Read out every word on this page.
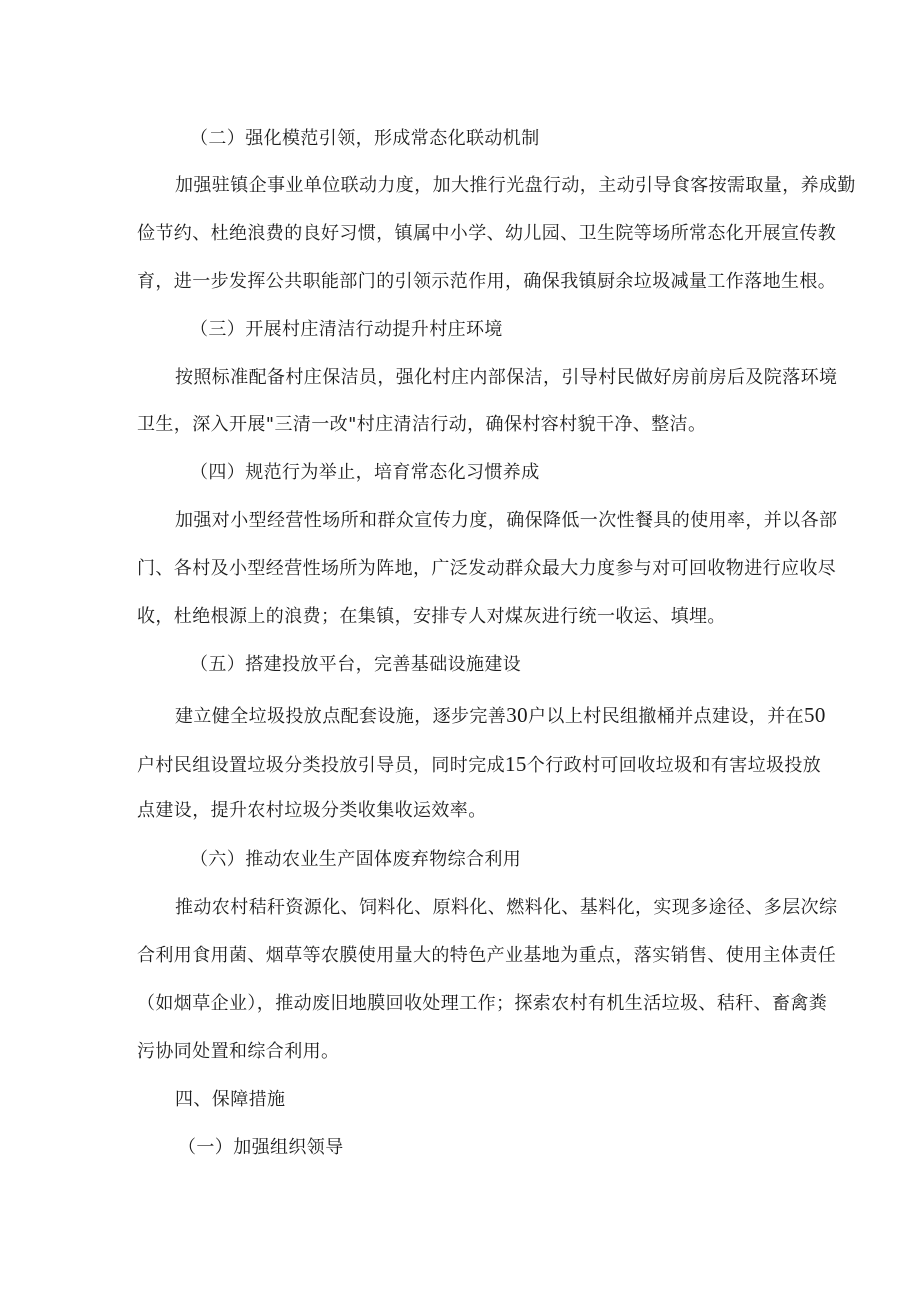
（二）强化模范引领，形成常态化联动机制
加强驻镇企事业单位联动力度，加大推行光盘行动，主动引导食客按需取量，养成勤
俭节约、杜绝浪费的良好习惯，镇属中小学、幼儿园、卫生院等场所常态化开展宣传教
育，进一步发挥公共职能部门的引领示范作用，确保我镇厨余垃圾减量工作落地生根。
（三）开展村庄清洁行动提升村庄环境
按照标准配备村庄保洁员，强化村庄内部保洁，引导村民做好房前房后及院落环境
卫生，深入开展"三清一改"村庄清洁行动，确保村容村貌干净、整洁。
（四）规范行为举止，培育常态化习惯养成
加强对小型经营性场所和群众宣传力度，确保降低一次性餐具的使用率，并以各部
门、各村及小型经营性场所为阵地，广泛发动群众最大力度参与对可回收物进行应收尽
收，杜绝根源上的浪费；在集镇，安排专人对煤灰进行统一收运、填埋。
（五）搭建投放平台，完善基础设施建设
建立健全垃圾投放点配套设施，逐步完善30户以上村民组撤桶并点建设，并在50
户村民组设置垃圾分类投放引导员，同时完成15个行政村可回收垃圾和有害垃圾投放
点建设，提升农村垃圾分类收集收运效率。
（六）推动农业生产固体废弃物综合利用
推动农村秸秆资源化、饲料化、原料化、燃料化、基料化，实现多途径、多层次综
合利用食用菌、烟草等农膜使用量大的特色产业基地为重点，落实销售、使用主体责任
（如烟草企业），推动废旧地膜回收处理工作；探索农村有机生活垃圾、秸秆、畜禽粪
污协同处置和综合利用。
四、保障措施
（一）加强组织领导
